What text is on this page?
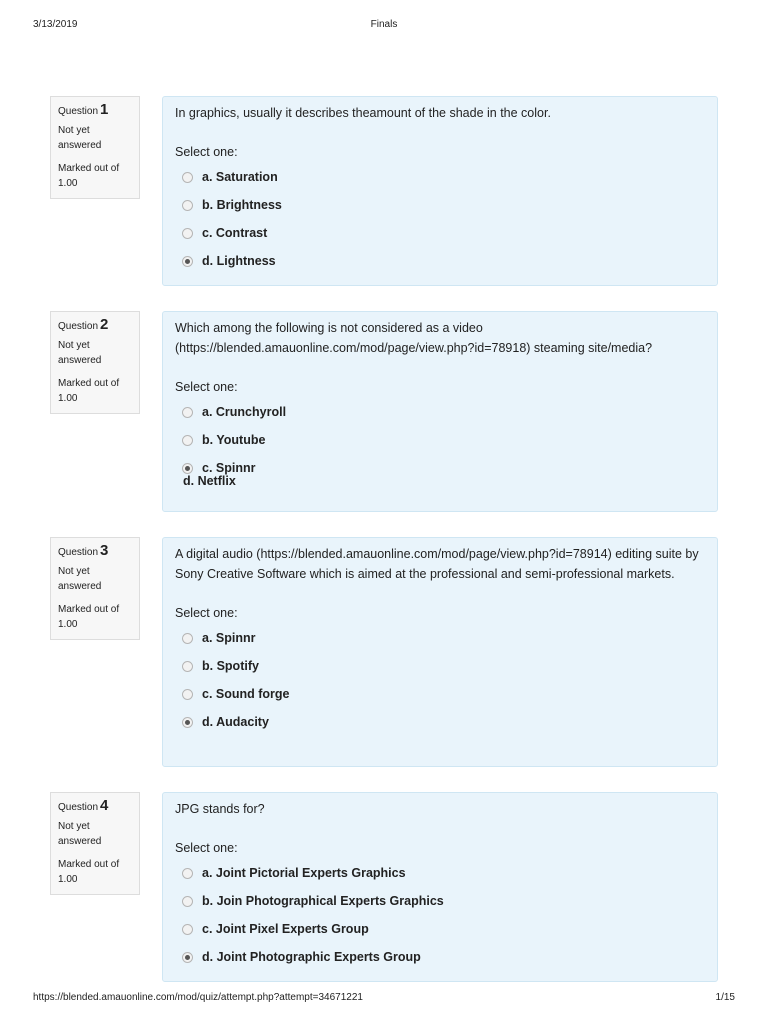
3/13/2019	Finals
Question 1
Not yet answered
Marked out of 1.00
In graphics, usually it describes theamount of the shade in the color.
Select one:
a. Saturation
b. Brightness
c. Contrast
d. Lightness
Question 2
Not yet answered
Marked out of 1.00
Which among the following is not considered as a video (https://blended.amauonline.com/mod/page/view.php?id=78918) steaming site/media?
Select one:
a. Crunchyroll
b. Youtube
c. Spinnr
d. Netflix
Question 3
Not yet answered
Marked out of 1.00
A digital audio (https://blended.amauonline.com/mod/page/view.php?id=78914) editing suite by Sony Creative Software which is aimed at the professional and semi-professional markets.
Select one:
a. Spinnr
b. Spotify
c. Sound forge
d. Audacity
Question 4
Not yet answered
Marked out of 1.00
JPG stands for?
Select one:
a. Joint Pictorial Experts Graphics
b. Join Photographical Experts Graphics
c. Joint Pixel Experts Group
d. Joint Photographic Experts Group
https://blended.amauonline.com/mod/quiz/attempt.php?attempt=34671221	1/15
